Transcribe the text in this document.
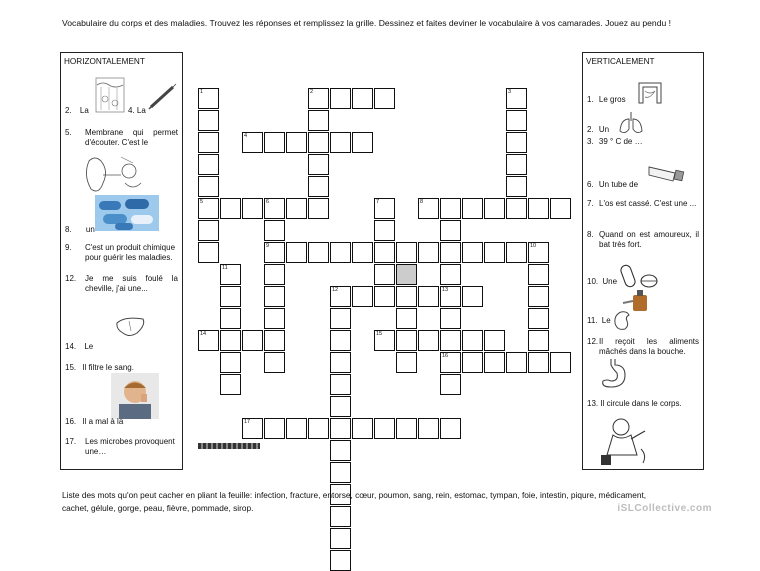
Vocabulaire du corps et des maladies. Trouvez les réponses et remplissez la grille. Dessinez et faites deviner le vocabulaire à vos camarades. Jouez au pendu !
HORIZONTALEMENT
2. La	4. La
5.	Membrane qui permet d'écouter. C'est le
8. un
9.	C'est un produit chimique pour guérir les maladies.
12.	Je me suis foulé la cheville, j'ai une...
14. Le
15. Il filtre le sang.
16. Il a mal à la
17.	Les microbes provoquent une…
VERTICALEMENT
1. Le gros
2. Un
3. 39 ° C de …
6. Un tube de
7. L'os est cassé. C'est une ...
8. Quand on est amoureux, il bat très fort.
10. Une
11. Le
12. Il reçoit les aliments mâchés dans la bouche.
13. Il circule dans le corps.
1
5
2	3
4
6
9
7	8
13
16
10
12
11
14	15
17
Liste des mots qu'on peut cacher en pliant la feuille: infection, fracture, entorse, cœur, poumon, sang, rein, estomac, tympan, foie, intestin, piqure, médicament,
cachet, gélule, gorge, peau, fièvre, pommade, sirop.	iSLCollective.com
